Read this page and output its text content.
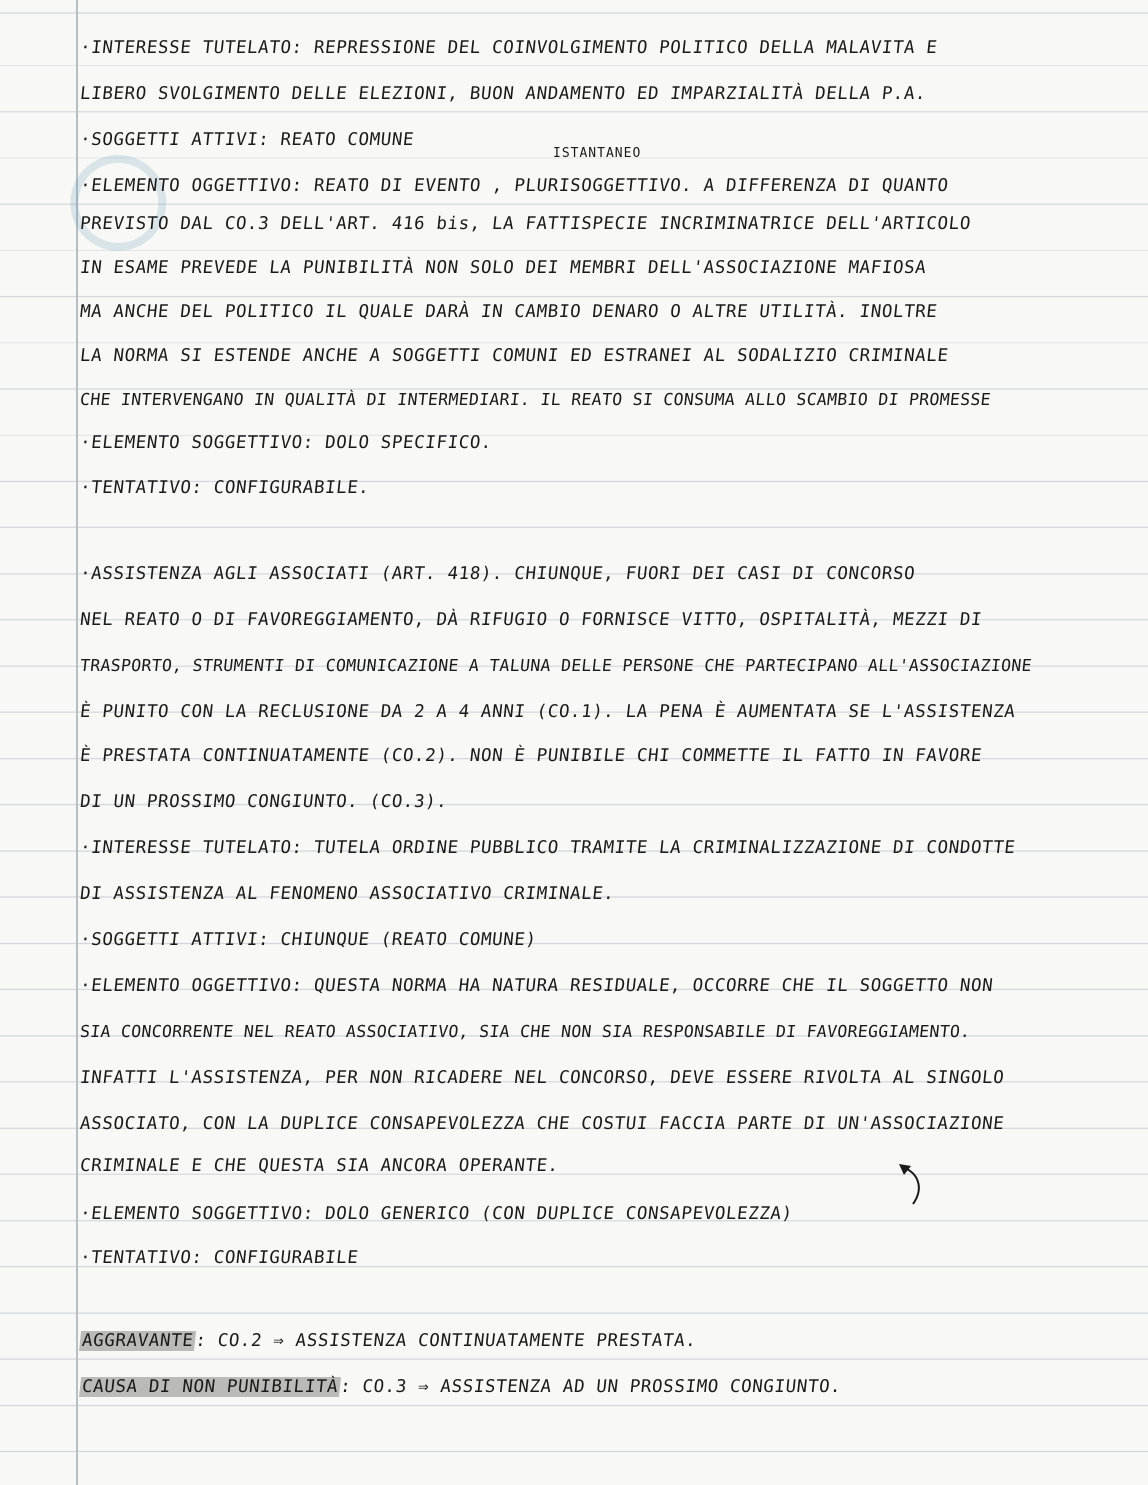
ISTANTANEO
·INTERESSE TUTELATO: REPRESSIONE DEL COINVOLGIMENTO POLITICO DELLA MALAVITA E
LIBERO SVOLGIMENTO DELLE ELEZIONI, BUON ANDAMENTO ED IMPARZIALITÀ DELLA P.A.
·SOGGETTI ATTIVI: REATO COMUNE
·ELEMENTO OGGETTIVO: REATO DI EVENTO , PLURISOGGETTIVO. A DIFFERENZA DI QUANTO
PREVISTO DAL CO.3 DELL'ART. 416 bis, LA FATTISPECIE INCRIMINATRICE DELL'ARTICOLO
IN ESAME PREVEDE LA PUNIBILITÀ NON SOLO DEI MEMBRI DELL'ASSOCIAZIONE MAFIOSA
MA ANCHE DEL POLITICO IL QUALE DARÀ IN CAMBIO DENARO O ALTRE UTILITÀ. INOLTRE
LA NORMA SI ESTENDE ANCHE A SOGGETTI COMUNI ED ESTRANEI AL SODALIZIO CRIMINALE
CHE INTERVENGANO IN QUALITÀ DI INTERMEDIARI. IL REATO SI CONSUMA ALLO SCAMBIO DI PROMESSE
·ELEMENTO SOGGETTIVO: DOLO SPECIFICO.
·TENTATIVO: CONFIGURABILE.
·ASSISTENZA AGLI ASSOCIATI (ART. 418). CHIUNQUE, FUORI DEI CASI DI CONCORSO
NEL REATO O DI FAVOREGGIAMENTO, DÀ RIFUGIO O FORNISCE VITTO, OSPITALITÀ, MEZZI DI
TRASPORTO, STRUMENTI DI COMUNICAZIONE A TALUNA DELLE PERSONE CHE PARTECIPANO ALL'ASSOCIAZIONE
È PUNITO CON LA RECLUSIONE DA 2 A 4 ANNI (CO.1). LA PENA È AUMENTATA SE L'ASSISTENZA
È PRESTATA CONTINUATAMENTE (CO.2). NON È PUNIBILE CHI COMMETTE IL FATTO IN FAVORE
DI UN PROSSIMO CONGIUNTO. (CO.3).
·INTERESSE TUTELATO: TUTELA ORDINE PUBBLICO TRAMITE LA CRIMINALIZZAZIONE DI CONDOTTE
DI ASSISTENZA AL FENOMENO ASSOCIATIVO CRIMINALE.
·SOGGETTI ATTIVI: CHIUNQUE (REATO COMUNE)
·ELEMENTO OGGETTIVO: QUESTA NORMA HA NATURA RESIDUALE, OCCORRE CHE IL SOGGETTO NON
SIA CONCORRENTE NEL REATO ASSOCIATIVO, SIA CHE NON SIA RESPONSABILE DI FAVOREGGIAMENTO.
INFATTI L'ASSISTENZA, PER NON RICADERE NEL CONCORSO, DEVE ESSERE RIVOLTA AL SINGOLO
ASSOCIATO, CON LA DUPLICE CONSAPEVOLEZZA CHE COSTUI FACCIA PARTE DI UN'ASSOCIAZIONE
CRIMINALE E CHE QUESTA SIA ANCORA OPERANTE.
·ELEMENTO SOGGETTIVO: DOLO GENERICO (CON DUPLICE CONSAPEVOLEZZA)
·TENTATIVO: CONFIGURABILE
AGGRAVANTE: CO.2 ⇒ ASSISTENZA CONTINUATAMENTE PRESTATA.
CAUSA DI NON PUNIBILITÀ: CO.3 ⇒ ASSISTENZA AD UN PROSSIMO CONGIUNTO.
